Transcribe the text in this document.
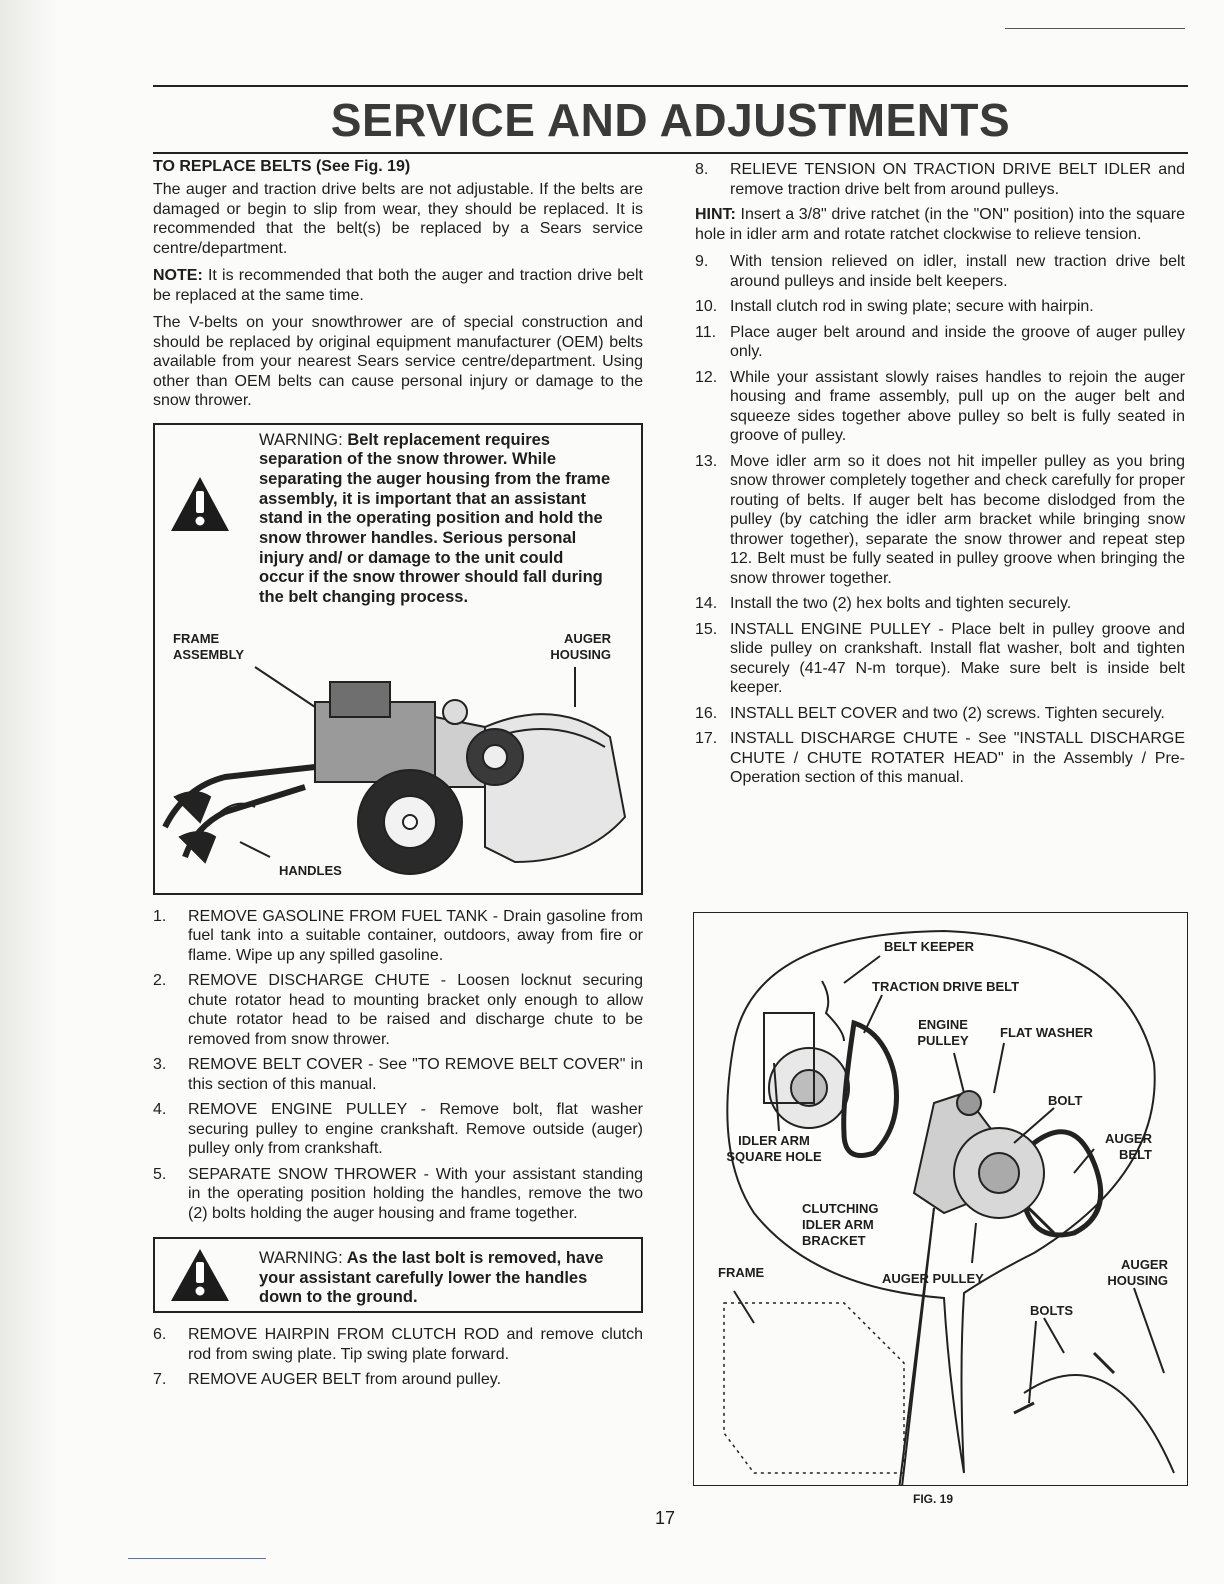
SERVICE AND ADJUSTMENTS
TO REPLACE BELTS (See Fig. 19)

The auger and traction drive belts are not adjustable. If the belts are damaged or begin to slip from wear, they should be replaced. It is recommended that the belt(s) be replaced by a Sears service centre/department.

NOTE: It is recommended that both the auger and traction drive belt be replaced at the same time.

The V-belts on your snowthrower are of special construction and should be replaced by original equipment manufacturer (OEM) belts available from your nearest Sears service centre/department. Using other than OEM belts can cause personal injury or damage to the snow thrower.

WARNING: Belt replacement requires separation of the snow thrower. While separating the auger housing from the frame assembly, it is important that an assistant stand in the operating position and hold the snow thrower handles. Serious personal injury and/ or damage to the unit could occur if the snow thrower should fall during the belt changing process.
FRAME ASSEMBLY
AUGER HOUSING
HANDLES
1. REMOVE GASOLINE FROM FUEL TANK - Drain gasoline from fuel tank into a suitable container, outdoors, away from fire or flame. Wipe up any spilled gasoline.
2. REMOVE DISCHARGE CHUTE - Loosen locknut securing chute rotator head to mounting bracket only enough to allow chute rotator head to be raised and discharge chute to be removed from snow thrower.
3. REMOVE BELT COVER - See "TO REMOVE BELT COVER" in this section of this manual.
4. REMOVE ENGINE PULLEY - Remove bolt, flat washer securing pulley to engine crankshaft. Remove outside (auger) pulley only from crankshaft.
5. SEPARATE SNOW THROWER - With your assistant standing in the operating position holding the handles, remove the two (2) bolts holding the auger housing and frame together.
WARNING: As the last bolt is removed, have your assistant carefully lower the handles down to the ground.
6. REMOVE HAIRPIN FROM CLUTCH ROD and remove clutch rod from swing plate. Tip swing plate forward.
7. REMOVE AUGER BELT from around pulley.
8. RELIEVE TENSION ON TRACTION DRIVE BELT IDLER and remove traction drive belt from around pulleys.

HINT: Insert a 3/8" drive ratchet (in the "ON" position) into the square hole in idler arm and rotate ratchet clockwise to relieve tension.

9. With tension relieved on idler, install new traction drive belt around pulleys and inside belt keepers.
10. Install clutch rod in swing plate; secure with hairpin.
11. Place auger belt around and inside the groove of auger pulley only.
12. While your assistant slowly raises handles to rejoin the auger housing and frame assembly, pull up on the auger belt and squeeze sides together above pulley so belt is fully seated in groove of pulley.
13. Move idler arm so it does not hit impeller pulley as you bring snow thrower completely together and check carefully for proper routing of belts. If auger belt has become dislodged from the pulley (by catching the idler arm bracket while bringing snow thrower together), separate the snow thrower and repeat step 12. Belt must be fully seated in pulley groove when bringing the snow thrower together.
14. Install the two (2) hex bolts and tighten securely.
15. INSTALL ENGINE PULLEY - Place belt in pulley groove and slide pulley on crankshaft. Install flat washer, bolt and tighten securely (41-47 N-m torque). Make sure belt is inside belt keeper.
16. INSTALL BELT COVER and two (2) screws. Tighten securely.
17. INSTALL DISCHARGE CHUTE - See "INSTALL DISCHARGE CHUTE / CHUTE ROTATER HEAD" in the Assembly / Pre-Operation section of this manual.
BELT KEEPER
TRACTION DRIVE BELT
ENGINE PULLEY
FLAT WASHER
BOLT
IDLER ARM SQUARE HOLE
AUGER BELT
CLUTCHING IDLER ARM BRACKET
FRAME	AUGER PULLEY
AUGER HOUSING
BOLTS
FIG. 19
17
